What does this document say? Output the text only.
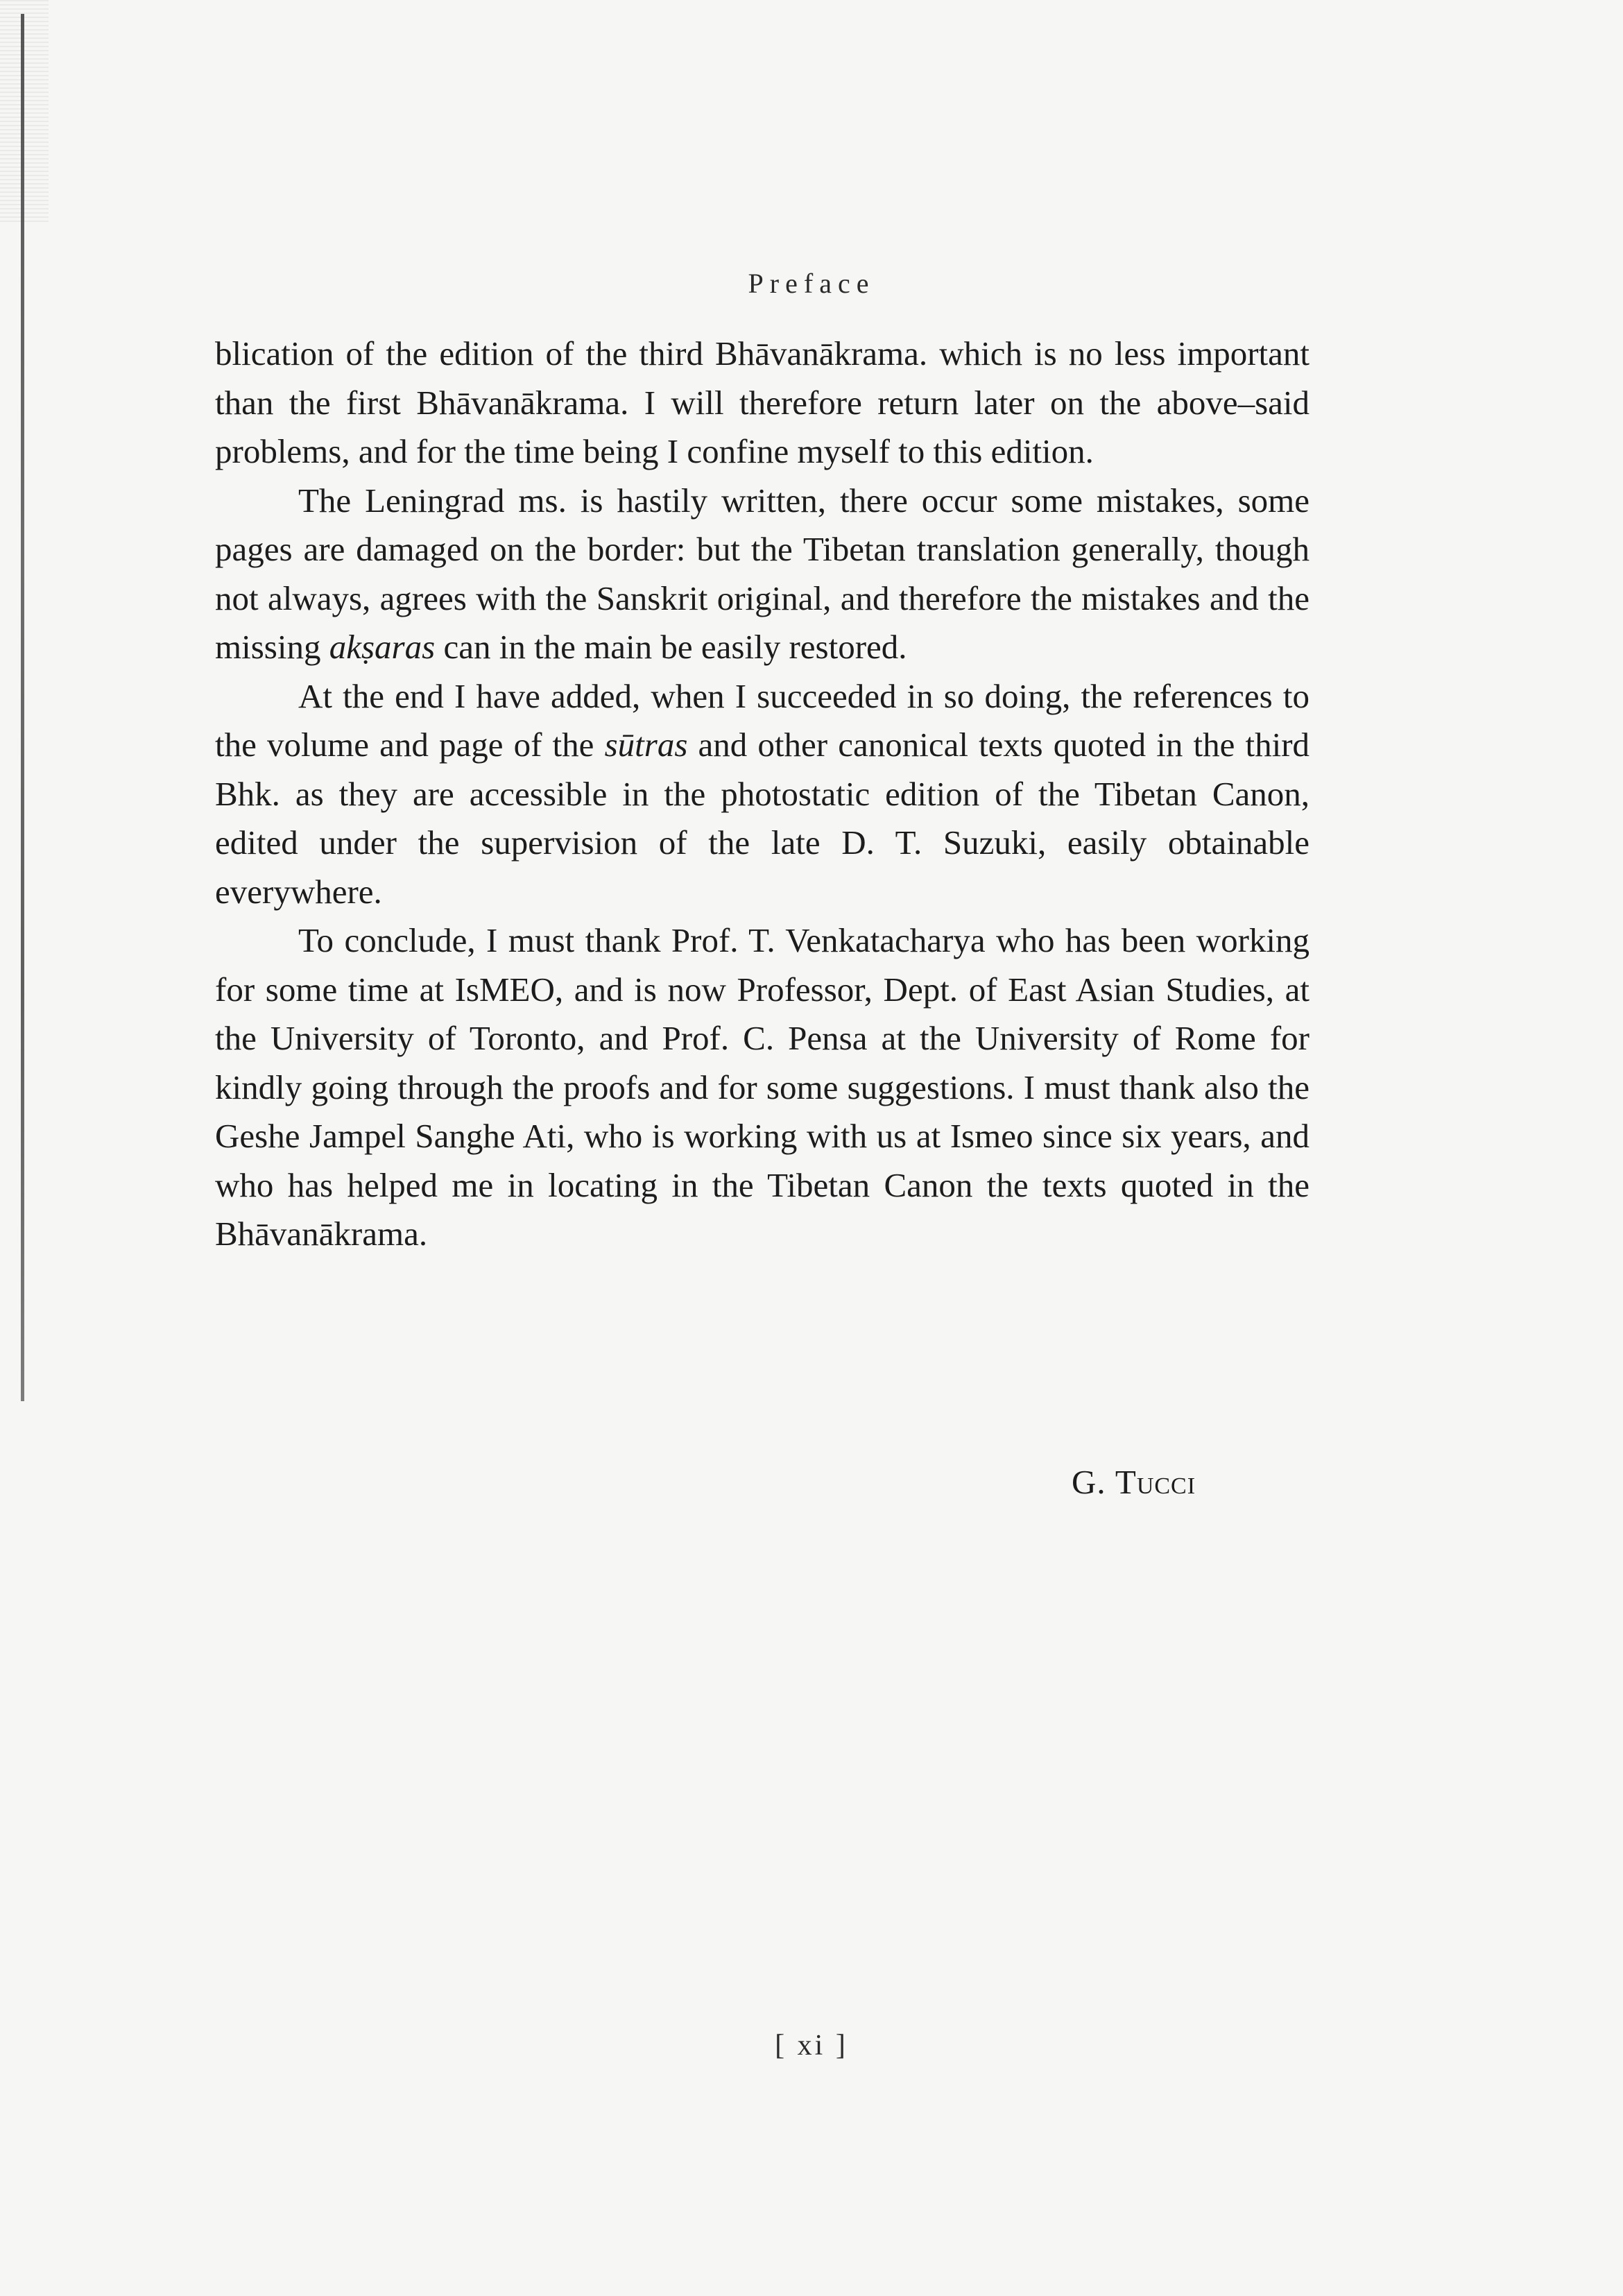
Preface

blication of the edition of the third Bhāvanākrama. which is no less important than the first Bhāvanākrama. I will therefore return later on the above–said problems, and for the time being I confine myself to this edition.

The Leningrad ms. is hastily written, there occur some mistakes, some pages are damaged on the border: but the Tibetan translation generally, though not always, agrees with the Sanskrit original, and therefore the mistakes and the missing akṣaras can in the main be easily restored.

At the end I have added, when I succeeded in so doing, the references to the volume and page of the sūtras and other canonical texts quoted in the third Bhk. as they are accessible in the photostatic edition of the Tibetan Canon, edited under the supervision of the late D. T. Suzuki, easily obtainable everywhere.

To conclude, I must thank Prof. T. Venkatacharya who has been working for some time at IsMEO, and is now Professor, Dept. of East Asian Studies, at the University of Toronto, and Prof. C. Pensa at the University of Rome for kindly going through the proofs and for some suggestions. I must thank also the Geshe Jampel Sanghe Ati, who is working with us at Ismeo since six years, and who has helped me in locating in the Tibetan Canon the texts quoted in the Bhāvanākrama.

G. Tucci
[ xi ]
